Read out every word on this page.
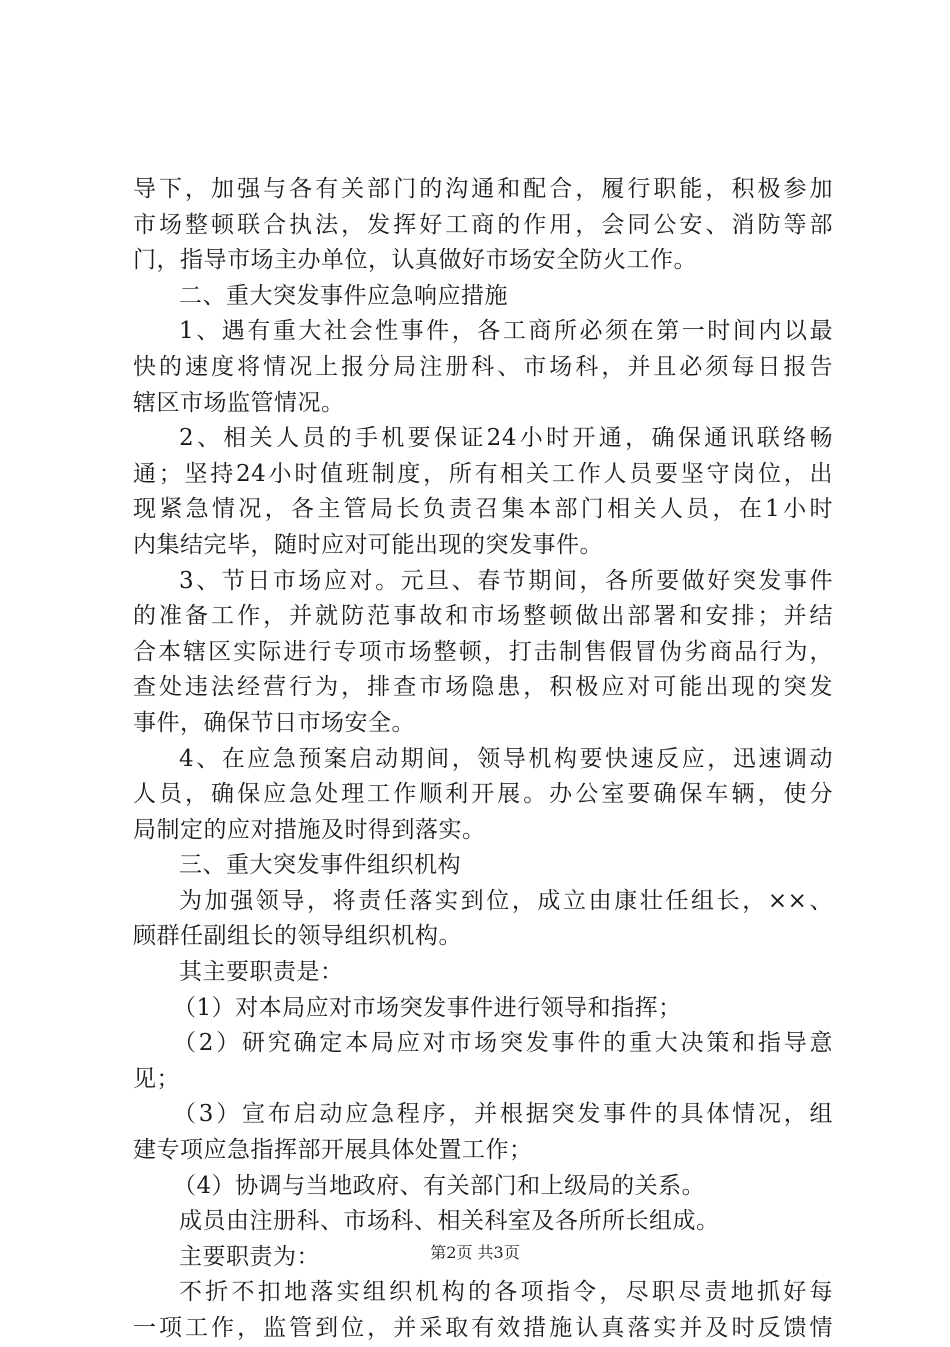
导下，加强与各有关部门的沟通和配合，履行职能，积极参加
市场整顿联合执法，发挥好工商的作用，会同公安、消防等部
门，指导市场主办单位，认真做好市场安全防火工作。
二、重大突发事件应急响应措施
1、遇有重大社会性事件，各工商所必须在第一时间内以最
快的速度将情况上报分局注册科、市场科，并且必须每日报告
辖区市场监管情况。
2、相关人员的手机要保证24小时开通，确保通讯联络畅
通；坚持24小时值班制度，所有相关工作人员要坚守岗位，出
现紧急情况，各主管局长负责召集本部门相关人员，在1小时
内集结完毕，随时应对可能出现的突发事件。
3、节日市场应对。元旦、春节期间，各所要做好突发事件
的准备工作，并就防范事故和市场整顿做出部署和安排；并结
合本辖区实际进行专项市场整顿，打击制售假冒伪劣商品行为，
查处违法经营行为，排查市场隐患，积极应对可能出现的突发
事件，确保节日市场安全。
4、在应急预案启动期间，领导机构要快速反应，迅速调动
人员，确保应急处理工作顺利开展。办公室要确保车辆，使分
局制定的应对措施及时得到落实。
三、重大突发事件组织机构
为加强领导，将责任落实到位，成立由康壮任组长，××、
顾群任副组长的领导组织机构。
其主要职责是：
（1）对本局应对市场突发事件进行领导和指挥；
（2）研究确定本局应对市场突发事件的重大决策和指导意
见；
（3）宣布启动应急程序，并根据突发事件的具体情况，组
建专项应急指挥部开展具体处置工作；
（4）协调与当地政府、有关部门和上级局的关系。
成员由注册科、市场科、相关科室及各所所长组成。
主要职责为：
不折不扣地落实组织机构的各项指令，尽职尽责地抓好每
一项工作，监管到位，并采取有效措施认真落实并及时反馈情
第2页 共3页
